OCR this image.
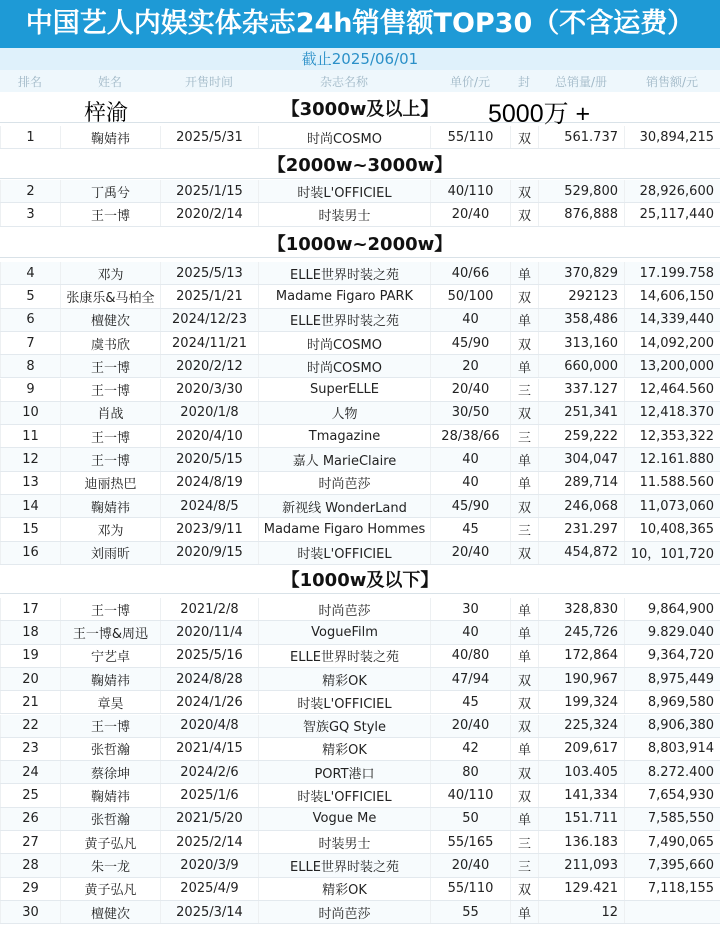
中国艺人内娱实体杂志24h销售额TOP30（不含运费）
截止2025/06/01
排名	姓名	开售时间	杂志名称	单价/元	封	总销量/册	销售额/元
【3000w及以上】
1	鞠婧祎	2025/5/31	时尚COSMO	55/110	双	561.737	30,894,215
【2000w~3000w】
2	丁禹兮	2025/1/15	时装L'OFFICIEL	40/110	双	529,800	28,926,600
3	王一博	2020/2/14	时装男士	20/40	双	876,888	25,117,440
【1000w~2000w】
4	邓为	2025/5/13	ELLE世界时装之苑	40/66	单	370,829	17.199.758
5	张康乐&马柏全	2025/1/21	Madame Figaro PARK	50/100	双	292123	14,606,150
6	檀健次	2024/12/23	ELLE世界时装之苑	40	单	358,486	14,339,440
7	虞书欣	2024/11/21	时尚COSMO	45/90	双	313,160	14,092,200
8	王一博	2020/2/12	时尚COSMO	20	单	660,000	13,200,000
9	王一博	2020/3/30	SuperELLE	20/40	三	337.127	12,464.560
10	肖战	2020/1/8	人物	30/50	双	251,341	12,418.370
11	王一博	2020/4/10	Tmagazine	28/38/66	三	259,222	12,353,322
12	王一博	2020/5/15	嘉人 MarieClaire	40	单	304,047	12.161.880
13	迪丽热巴	2024/8/19	时尚芭莎	40	单	289,714	11.588.560
14	鞠婧祎	2024/8/5	新视线 WonderLand	45/90	双	246,068	11,073,060
15	邓为	2023/9/11	Madame Figaro Hommes	45	三	231.297	10,408,365
16	刘雨昕	2020/9/15	时装L'OFFICIEL	20/40	双	454,872 10，101,720
【1000w及以下】
17	王一博	2021/2/8	时尚芭莎	30	单	328,830	9,864,900
18	王一博&周迅	2020/11/4	VogueFilm	40	单	245,726	9.829.040
19	宁艺卓	2025/5/16	ELLE世界时装之苑	40/80	单	172,864	9,364,720
20	鞠婧祎	2024/8/28	精彩OK	47/94	双	190,967	8,975,449
21	章昊	2024/1/26	时装L'OFFICIEL	45	双	199,324	8,969,580
22	王一博	2020/4/8	智族GQ Style	20/40	双	225,324	8,906,380
23	张哲瀚	2021/4/15	精彩OK	42	单	209,617	8,803,914
24	蔡徐坤	2024/2/6	PORT港口	80	双	103.405	8.272.400
25	鞠婧祎	2025/1/6	时装L'OFFICIEL	40/110	双	141,334	7,654,930
26	张哲瀚	2021/5/20	Vogue Me	50	单	151.711	7,585,550
27	黄子弘凡	2025/2/14	时装男士	55/165	三	136.183	7,490,065
28	朱一龙	2020/3/9	ELLE世界时装之苑	20/40	三	211,093	7,395,660
29	黄子弘凡	2025/4/9	精彩OK	55/110	双	129.421	7,118,155
30	檀健次	2025/3/14	时尚芭莎	55	单	12
梓渝	5000万 +
